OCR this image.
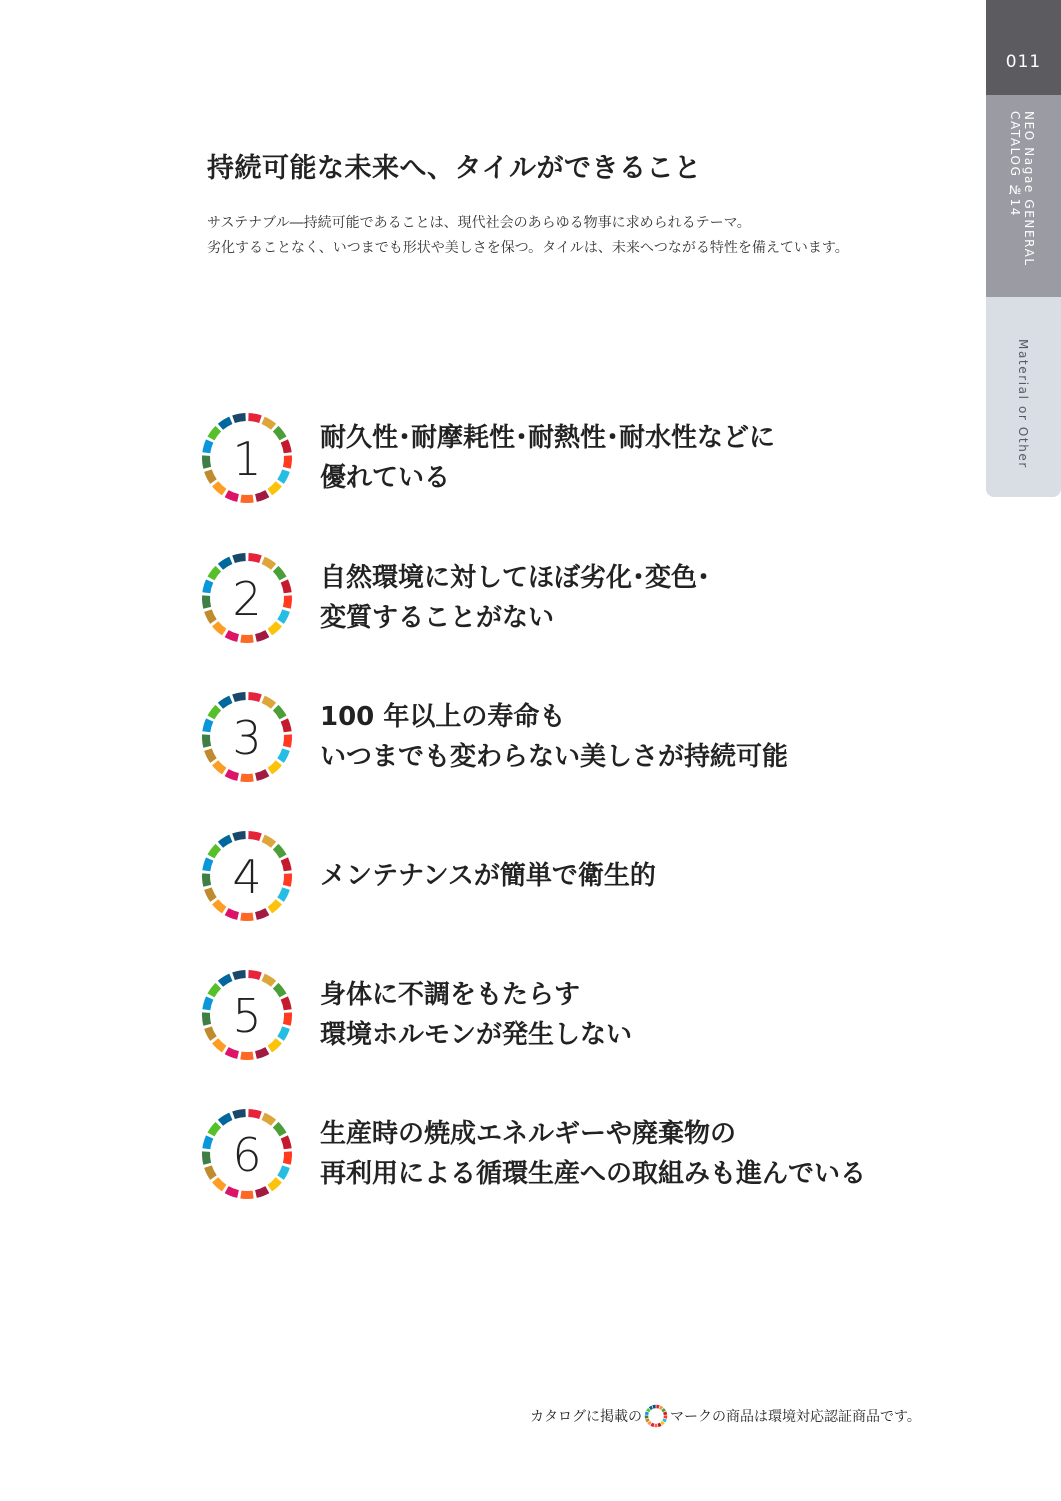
011
NEO Nagae GENERAL CATALOG №14
Material or Other
持続可能な未来へ、タイルができること
サステナブル―持続可能であることは、現代社会のあらゆる物事に求められるテーマ。
劣化することなく、いつまでも形状や美しさを保つ。タイルは、未来へつながる特性を備えています。
1 耐久性･耐摩耗性･耐熱性･耐水性などに
優れている
2 自然環境に対してほぼ劣化･変色･
変質することがない
3 100 年以上の寿命も
いつまでも変わらない美しさが持続可能
4 メンテナンスが簡単で衛生的
5 身体に不調をもたらす
環境ホルモンが発生しない
6 生産時の焼成エネルギーや廃棄物の
再利用による循環生産への取組みも進んでいる
カタログに掲載の マークの商品は環境対応認証商品です。
